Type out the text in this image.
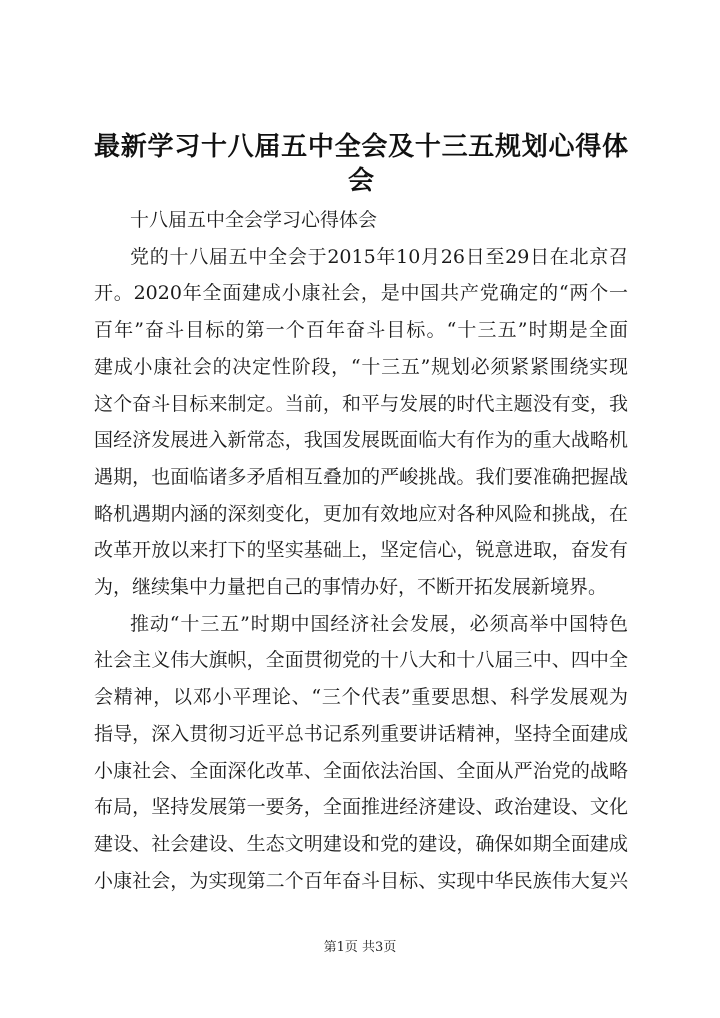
最新学习十八届五中全会及十三五规划心得体
会
十八届五中全会学习心得体会
党的十八届五中全会于2015年10月26日至29日在北京召
开。2020年全面建成小康社会，是中国共产党确定的“两个一
百年”奋斗目标的第一个百年奋斗目标。“十三五”时期是全面
建成小康社会的决定性阶段，“十三五”规划必须紧紧围绕实现
这个奋斗目标来制定。当前，和平与发展的时代主题没有变，我
国经济发展进入新常态，我国发展既面临大有作为的重大战略机
遇期，也面临诸多矛盾相互叠加的严峻挑战。我们要准确把握战
略机遇期内涵的深刻变化，更加有效地应对各种风险和挑战，在
改革开放以来打下的坚实基础上，坚定信心，锐意进取，奋发有
为，继续集中力量把自己的事情办好，不断开拓发展新境界。
推动“十三五”时期中国经济社会发展，必须高举中国特色
社会主义伟大旗帜，全面贯彻党的十八大和十八届三中、四中全
会精神，以邓小平理论、“三个代表”重要思想、科学发展观为
指导，深入贯彻习近平总书记系列重要讲话精神，坚持全面建成
小康社会、全面深化改革、全面依法治国、全面从严治党的战略
布局，坚持发展第一要务，全面推进经济建设、政治建设、文化
建设、社会建设、生态文明建设和党的建设，确保如期全面建成
小康社会，为实现第二个百年奋斗目标、实现中华民族伟大复兴
第1页 共3页
